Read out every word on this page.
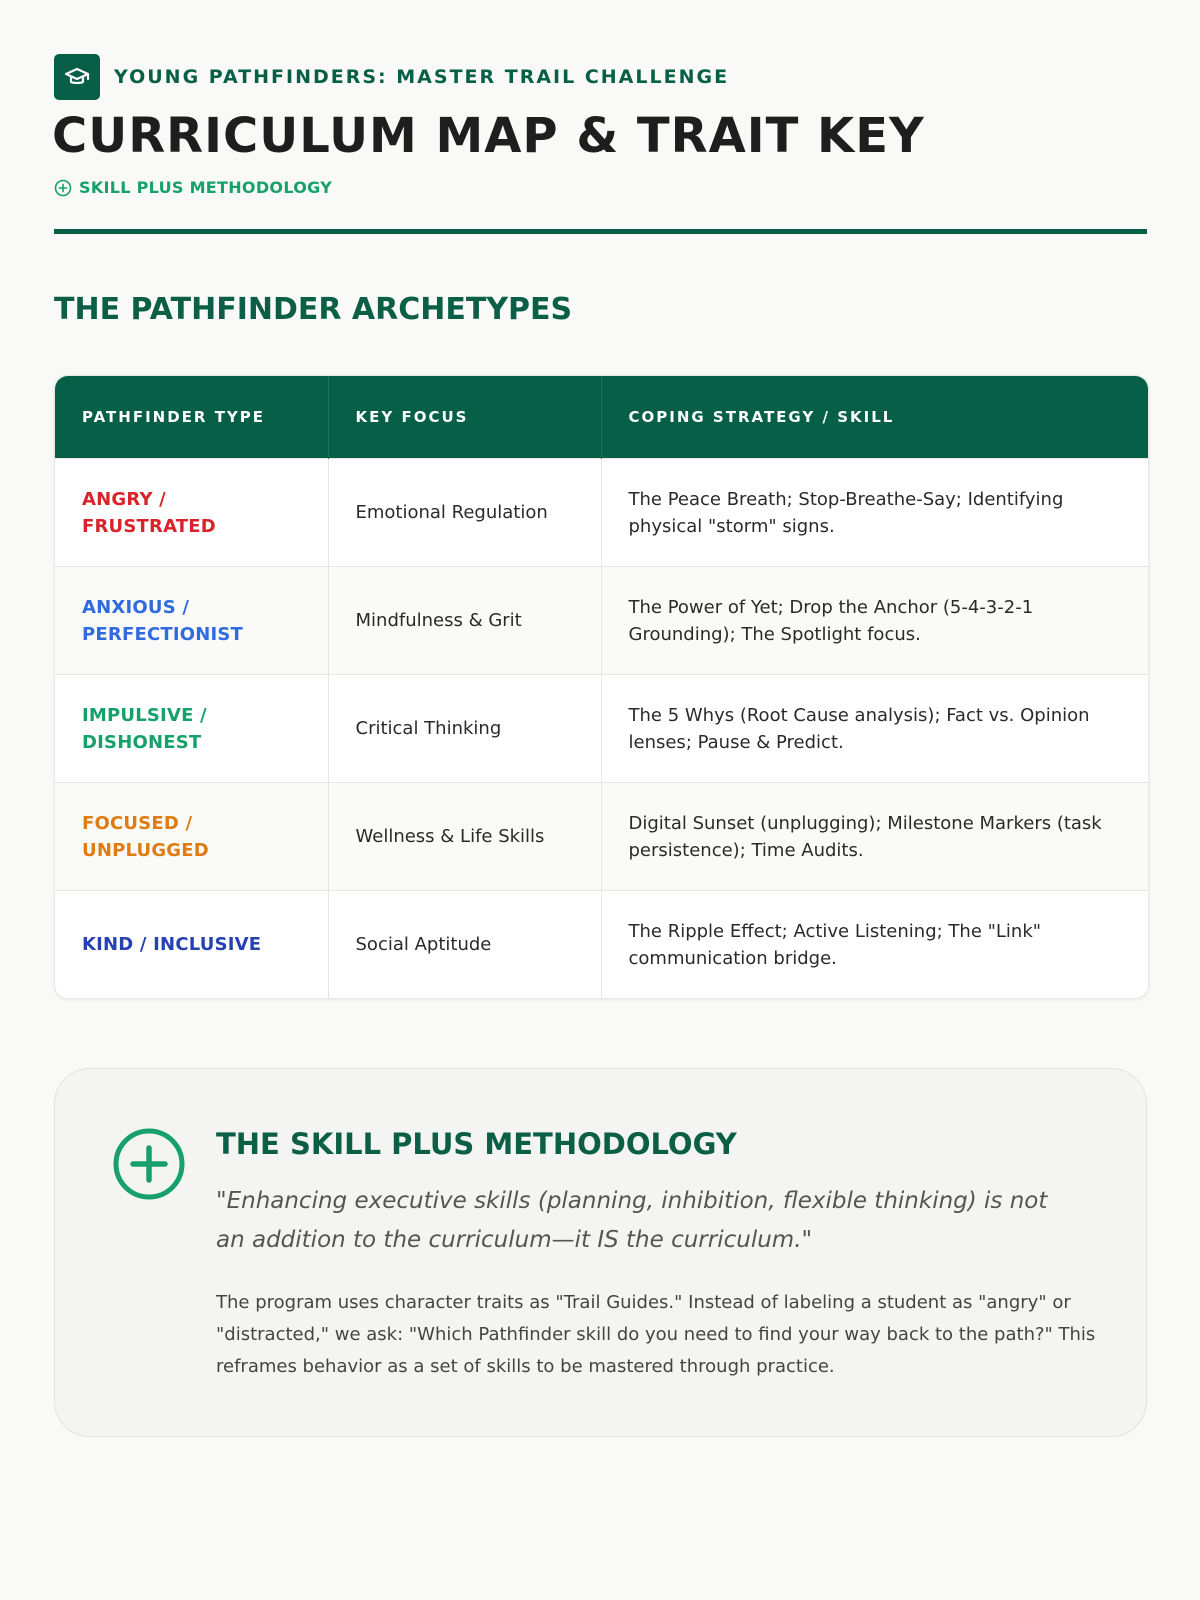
YOUNG PATHFINDERS: MASTER TRAIL CHALLENGE
CURRICULUM MAP & TRAIT KEY
SKILL PLUS METHODOLOGY
THE PATHFINDER ARCHETYPES
PATHFINDER TYPE	KEY FOCUS	COPING STRATEGY / SKILL
ANGRY / FRUSTRATED	Emotional Regulation	The Peace Breath; Stop-Breathe-Say; Identifying physical "storm" signs.
ANXIOUS / PERFECTIONIST	Mindfulness & Grit	The Power of Yet; Drop the Anchor (5-4-3-2-1 Grounding); The Spotlight focus.
IMPULSIVE / DISHONEST	Critical Thinking	The 5 Whys (Root Cause analysis); Fact vs. Opinion lenses; Pause & Predict.
FOCUSED / UNPLUGGED	Wellness & Life Skills	Digital Sunset (unplugging); Milestone Markers (task persistence); Time Audits.
KIND / INCLUSIVE	Social Aptitude	The Ripple Effect; Active Listening; The "Link" communication bridge.
THE SKILL PLUS METHODOLOGY

"Enhancing executive skills (planning, inhibition, flexible thinking) is not an addition to the curriculum—it IS the curriculum."

The program uses character traits as "Trail Guides." Instead of labeling a student as "angry" or "distracted," we ask: "Which Pathfinder skill do you need to find your way back to the path?" This reframes behavior as a set of skills to be mastered through practice.
